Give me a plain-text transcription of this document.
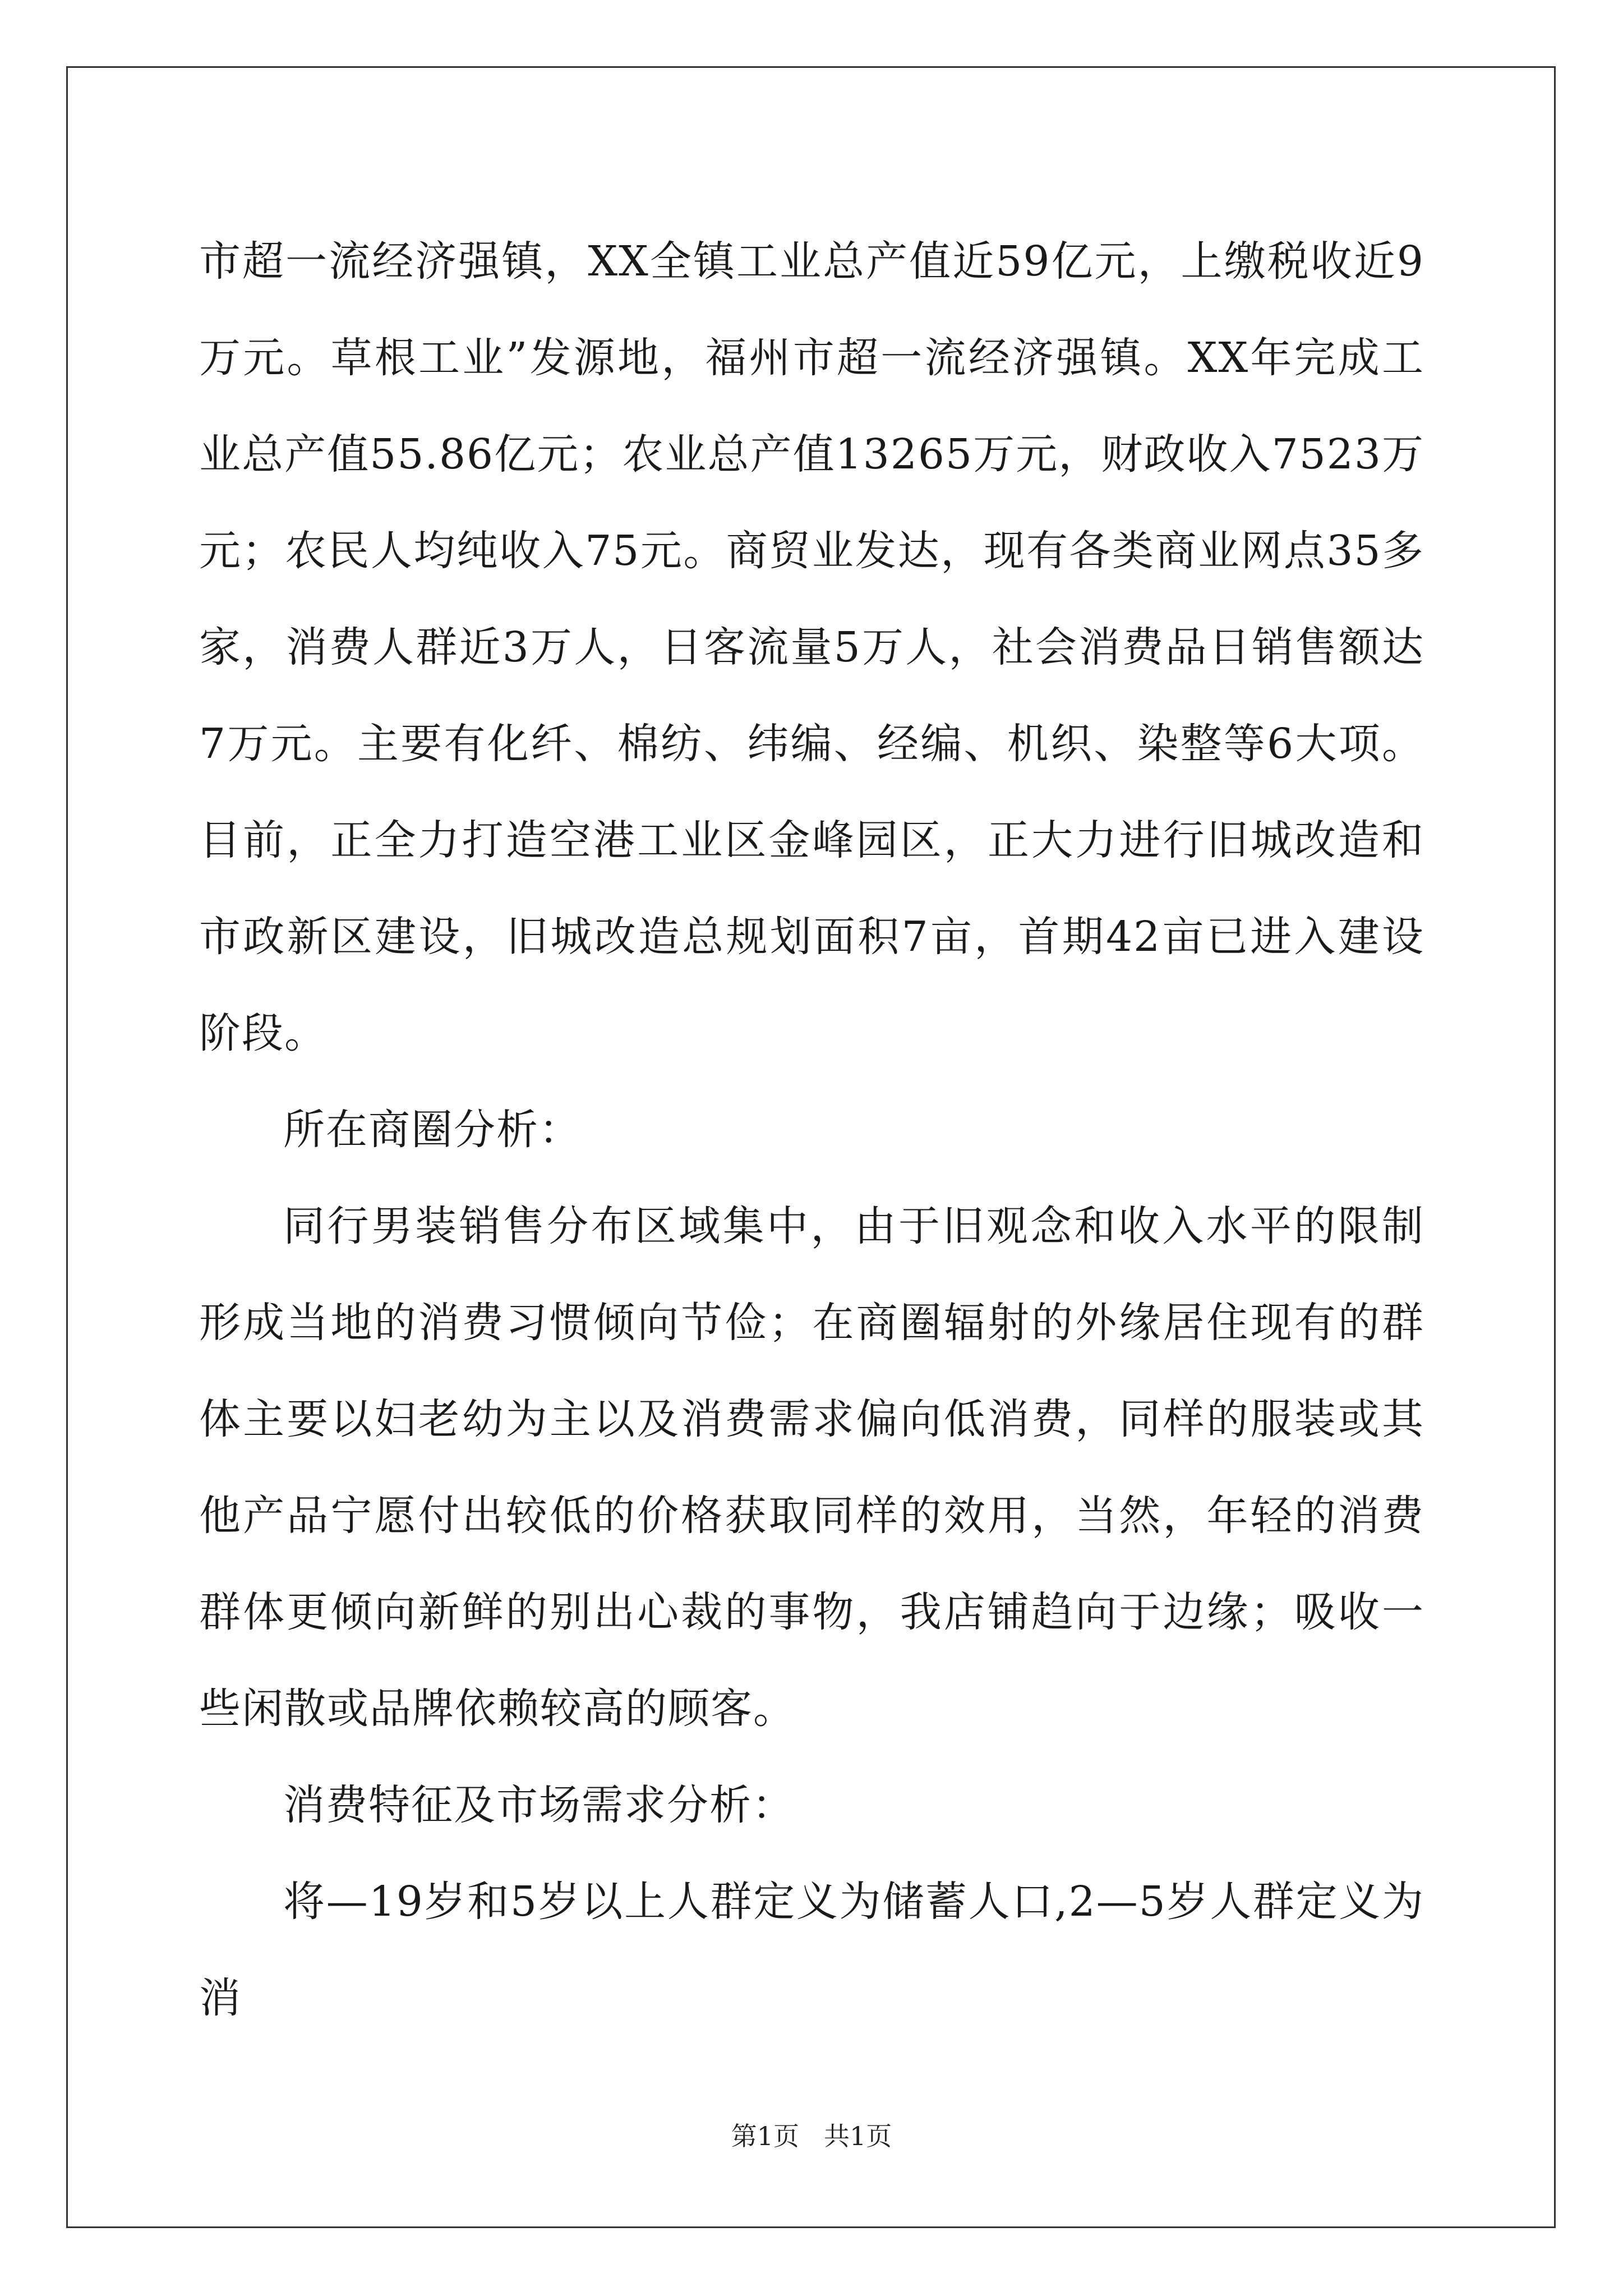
市超一流经济强镇，XX全镇工业总产值近59亿元，上缴税收近9万元。草根工业”发源地，福州市超一流经济强镇。XX年完成工业总产值55.86亿元；农业总产值13265万元，财政收入7523万元；农民人均纯收入75元。商贸业发达，现有各类商业网点35多家，消费人群近3万人，日客流量5万人，社会消费品日销售额达7万元。主要有化纤、棉纺、纬编、经编、机织、染整等6大项。目前，正全力打造空港工业区金峰园区，正大力进行旧城改造和市政新区建设，旧城改造总规划面积7亩，首期42亩已进入建设阶段。

所在商圈分析：

同行男装销售分布区域集中，由于旧观念和收入水平的限制形成当地的消费习惯倾向节俭；在商圈辐射的外缘居住现有的群体主要以妇老幼为主以及消费需求偏向低消费，同样的服装或其他产品宁愿付出较低的价格获取同样的效用，当然，年轻的消费群体更倾向新鲜的别出心裁的事物，我店铺趋向于边缘；吸收一些闲散或品牌依赖较高的顾客。

消费特征及市场需求分析：

将—19岁和5岁以上人群定义为储蓄人口,2—5岁人群定义为消

第1页 共1页
